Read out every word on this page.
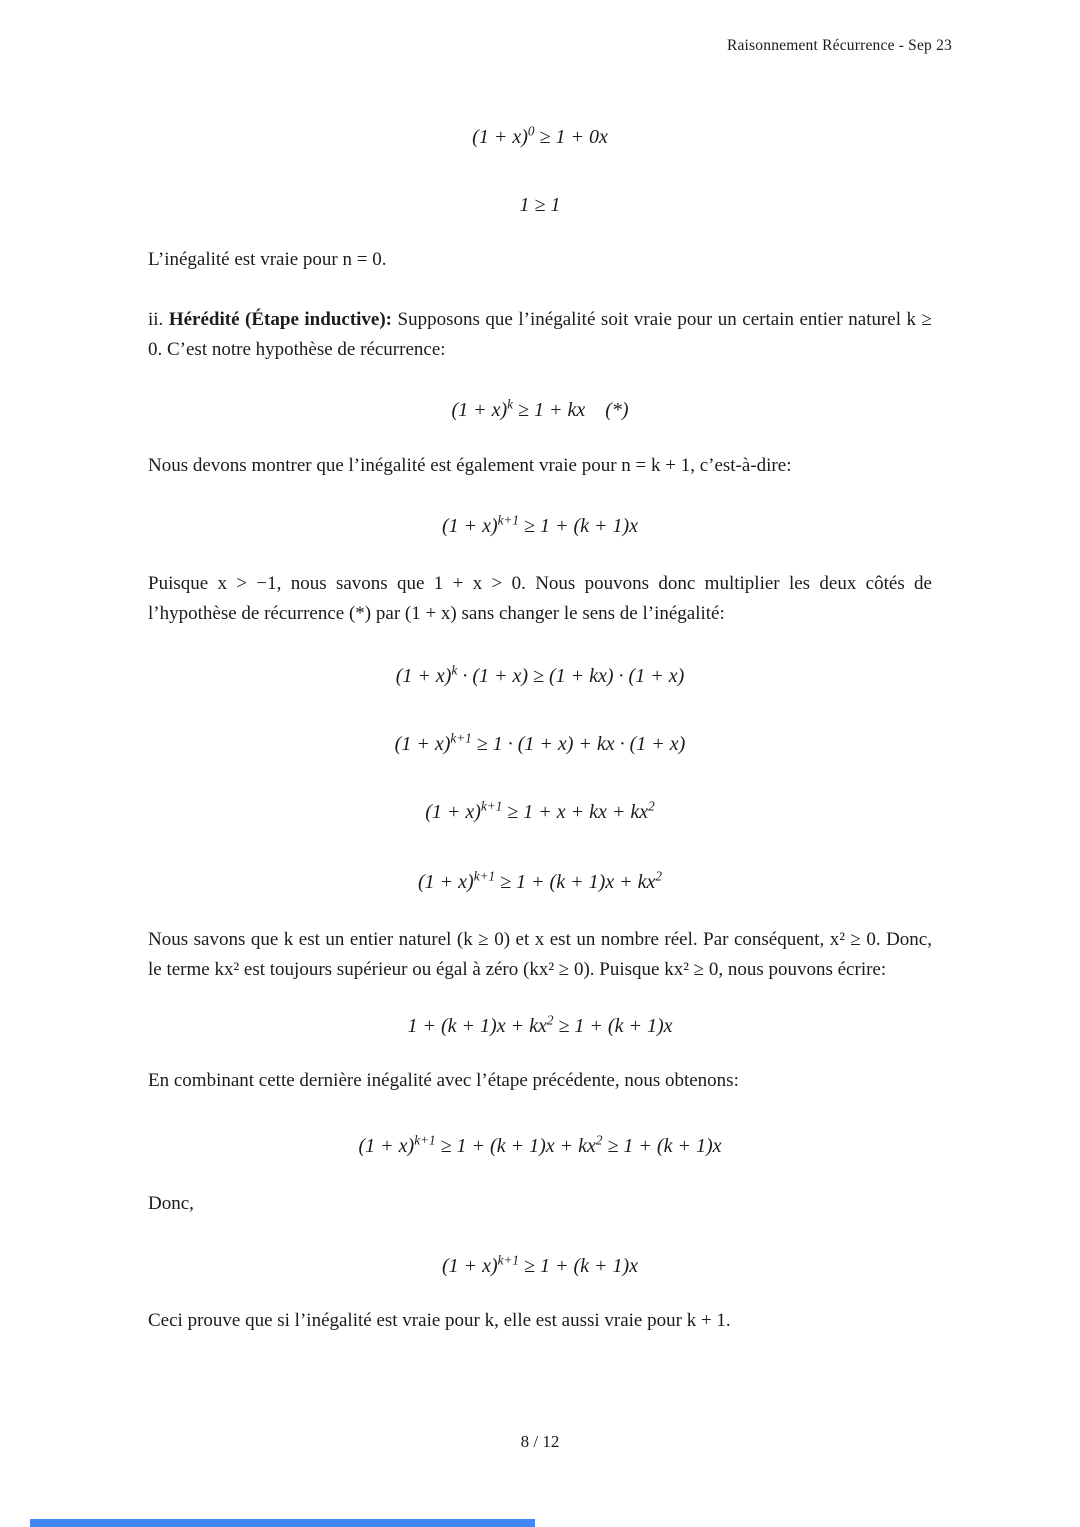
Raisonnement Récurrence - Sep 23
$(1 + x)^0 \ge 1 + 0x$
1 ≥ 1

L’inégalité est vraie pour n = 0.

ii. Hérédité (Étape inductive): Supposons que l’inégalité soit vraie pour un certain entier naturel k ≥ 0. C’est notre hypothèse de récurrence:

$(1 + x)^k \ge 1$ + kx    (*)

Nous devons montrer que l’inégalité est également vraie pour n = k + 1, c’est-à-dire:

$(1 + x)^{k+1} \ge 1 + (k + 1)x$

Puisque x > −1, nous savons que 1 + x > 0. Nous pouvons donc multiplier les deux côtés de l’hypothèse de récurrence (*) par (1 + x) sans changer le sens de l’inégalité:

$(1 + x)^k \cdot (1 + x) \ge (1 + kx) \cdot (1 + x)$
$(1 + x)^{k+1} \ge 1 \cdot (1 + x)$ + kx · (1 + x)
$(1 + x)^{k+1} \ge 1 + x$ + kx + $kx^2$
$(1 + x)^{k+1} \ge 1 + (k + 1)x + kx^2$

Nous savons que k est un entier naturel (k ≥ 0) et x est un nombre réel. Par conséquent, x² ≥ 0. Donc, le terme kx² est toujours supérieur ou égal à zéro (kx² ≥ 0). Puisque kx² ≥ 0, nous pouvons écrire:

$1 + (k + 1)x + kx^2 \ge 1 + (k + 1)x$

En combinant cette dernière inégalité avec l’étape précédente, nous obtenons:

$(1 + x)^{k+1} \ge 1 + (k + 1)x + kx^2 \ge 1 + (k + 1)x$

Donc,

$(1 + x)^{k+1} \ge 1 + (k + 1)x$

Ceci prouve que si l’inégalité est vraie pour k, elle est aussi vraie pour k + 1.

8 / 12
